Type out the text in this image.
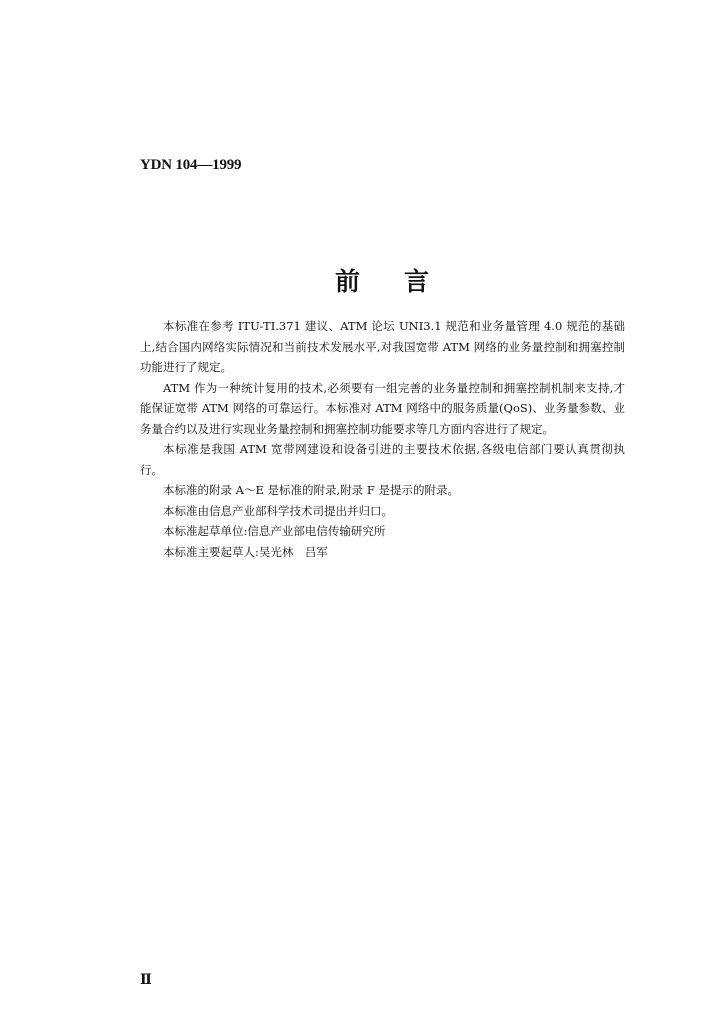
YDN 104—1999
前 言

本标准在参考 ITU-TI.371 建议、ATM 论坛 UNI3.1 规范和业务量管理 4.0 规范的基础上,结合国内网络实际情况和当前技术发展水平,对我国宽带 ATM 网络的业务量控制和拥塞控制功能进行了规定。

ATM 作为一种统计复用的技术,必须要有一组完善的业务量控制和拥塞控制机制来支持,才能保证宽带 ATM 网络的可靠运行。本标准对 ATM 网络中的服务质量(QoS)、业务量参数、业务量合约以及进行实现业务量控制和拥塞控制功能要求等几方面内容进行了规定。

本标准是我国 ATM 宽带网建设和设备引进的主要技术依据,各级电信部门要认真贯彻执行。

本标准的附录 A～E 是标准的附录,附录 F 是提示的附录。

本标准由信息产业部科学技术司提出并归口。

本标准起草单位:信息产业部电信传输研究所

本标准主要起草人:吴光林　吕军

Ⅱ
